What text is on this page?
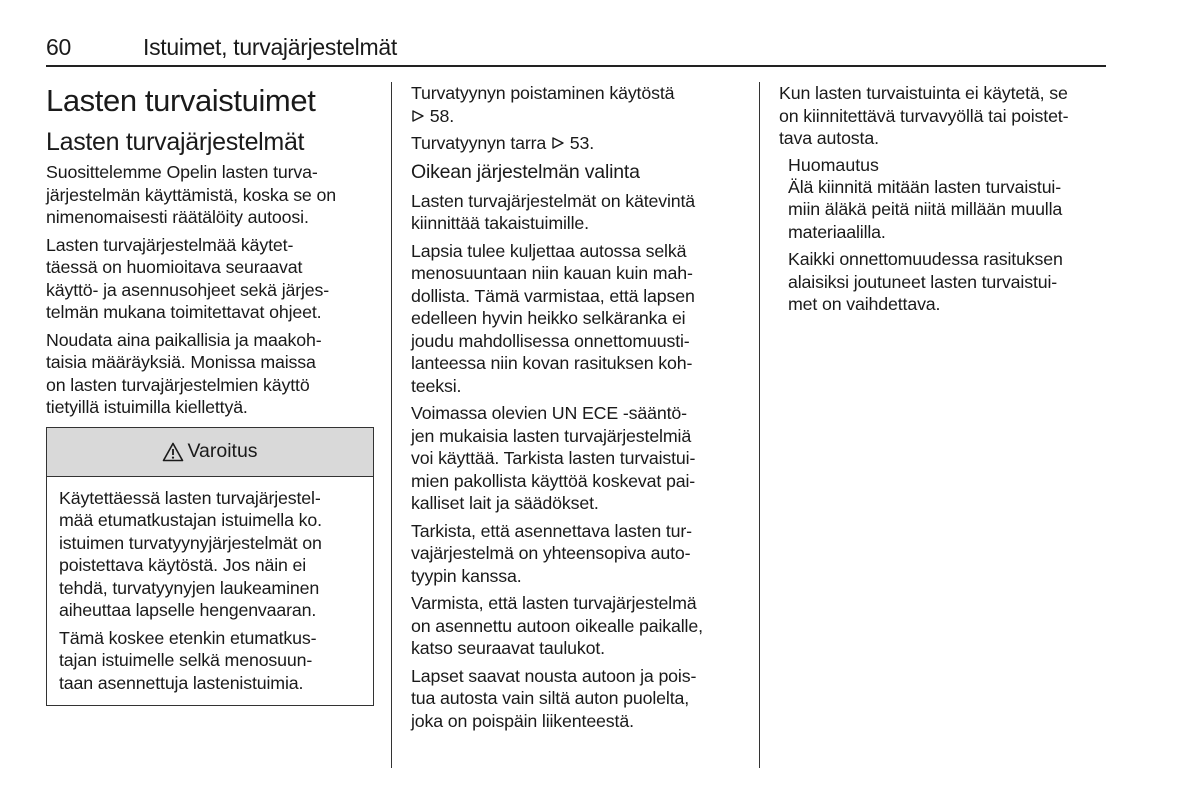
60	Istuimet, turvajärjestelmät
Lasten turvaistuimet
Lasten turvajärjestelmät
Suosittelemme Opelin lasten turva-
järjestelmän käyttämistä, koska se on
nimenomaisesti räätälöity autoosi.
Lasten turvajärjestelmää käytet-
täessä on huomioitava seuraavat
käyttö- ja asennusohjeet sekä järjes-
telmän mukana toimitettavat ohjeet.
Noudata aina paikallisia ja maakoh-
taisia määräyksiä. Monissa maissa
on lasten turvajärjestelmien käyttö
tietyillä istuimilla kiellettyä.
Varoitus
Käytettäessä lasten turvajärjestel-
mää etumatkustajan istuimella ko.
istuimen turvatyynyjärjestelmät on
poistettava käytöstä. Jos näin ei
tehdä, turvatyynyjen laukeaminen
aiheuttaa lapselle hengenvaaran.
Tämä koskee etenkin etumatkus-
tajan istuimelle selkä menosuun-
taan asennettuja lastenistuimia.
Turvatyynyn poistaminen käytöstä
58.
Turvatyynyn tarra 53.
Oikean järjestelmän valinta
Lasten turvajärjestelmät on kätevintä
kiinnittää takaistuimille.
Lapsia tulee kuljettaa autossa selkä
menosuuntaan niin kauan kuin mah-
dollista. Tämä varmistaa, että lapsen
edelleen hyvin heikko selkäranka ei
joudu mahdollisessa onnettomuusti-
lanteessa niin kovan rasituksen koh-
teeksi.
Voimassa olevien UN ECE -sääntö-
jen mukaisia lasten turvajärjestelmiä
voi käyttää. Tarkista lasten turvaistui-
mien pakollista käyttöä koskevat pai-
kalliset lait ja säädökset.
Tarkista, että asennettava lasten tur-
vajärjestelmä on yhteensopiva auto-
tyypin kanssa.
Varmista, että lasten turvajärjestelmä
on asennettu autoon oikealle paikalle,
katso seuraavat taulukot.
Lapset saavat nousta autoon ja pois-
tua autosta vain siltä auton puolelta,
joka on poispäin liikenteestä.
Kun lasten turvaistuinta ei käytetä, se
on kiinnitettävä turvavyöllä tai poistet-
tava autosta.
Huomautus
Älä kiinnitä mitään lasten turvaistui-
miin äläkä peitä niitä millään muulla
materiaalilla.
Kaikki onnettomuudessa rasituksen
alaisiksi joutuneet lasten turvaistui-
met on vaihdettava.
